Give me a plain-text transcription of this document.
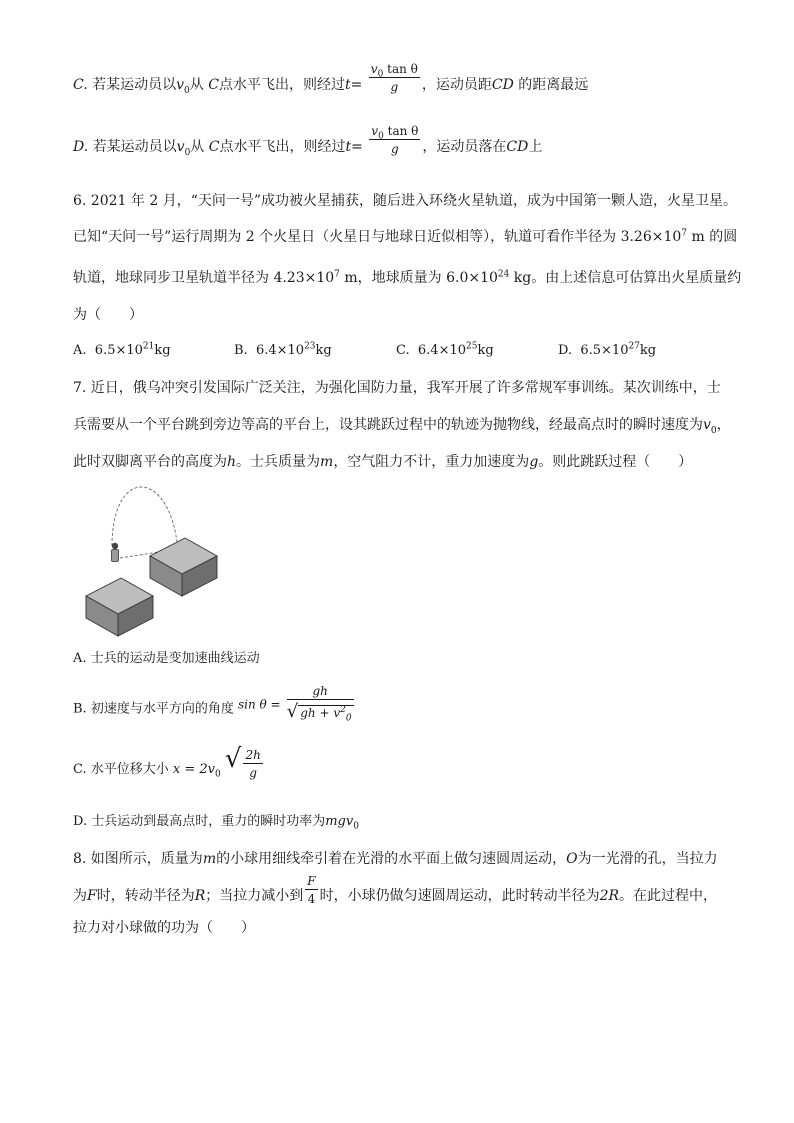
C. 若某运动员以$v_0$从 C点水平飞出，则经过$t= \frac{v_0 \tan \theta}{g}$ ，运动员距CD 的距离最远
D. 若某运动员以$v_0$从 C点水平飞出，则经过$t= \frac{v_0 \tan \theta}{g}$ ，运动员落在CD上
6. 2021 年 2 月，“天问一号”成功被火星捕获，随后进入环绕火星轨道，成为中国第一颗人造，火星卫星。
已知“天问一号”运行周期为 2 个火星日（火星日与地球日近似相等），轨道可看作半径为 $3.26\times 10^7$ m 的圆
轨道，地球同步卫星轨道半径为 $4.23\times 10^7$ m，地球质量为 $6.0\times 10^{24}$ kg。由上述信息可估算出火星质量约
为（　　）
A. $6.5\times 10^{21}kg$	B. $6.4\times 10^{23}kg$	C. $6.4\times 10^{25}kg$	D. $6.5\times 10^{27}kg$
7. 近日，俄乌冲突引发国际广泛关注，为强化国防力量，我军开展了许多常规军事训练。某次训练中，士
兵需要从一个平台跳到旁边等高的平台上，设其跳跃过程中的轨迹为抛物线，经最高点时的瞬时速度为$v_0$，
此时双脚离平台的高度为h。士兵质量为m，空气阻力不计，重力加速度为g。则此跳跃过程（　　）
A. 士兵的运动是变加速曲线运动
B. 初速度与水平方向的角度 $\sin \theta = \frac{gh}{√ gh + v^2_0}$
C. 水平位移大小 $x = 2v_0$ √ $\frac{2h}{g}$
D. 士兵运动到最高点时，重力的瞬时功率为mgv$_0$
8. 如图所示，质量为m的小球用细线牵引着在光滑的水平面上做匀速圆周运动，O为一光滑的孔，当拉力
为F时，转动半径为R；当拉力减小到 $\frac{F}{4}$ 时，小球仍做匀速圆周运动，此时转动半径为2R。在此过程中，
拉力对小球做的功为（　　）
